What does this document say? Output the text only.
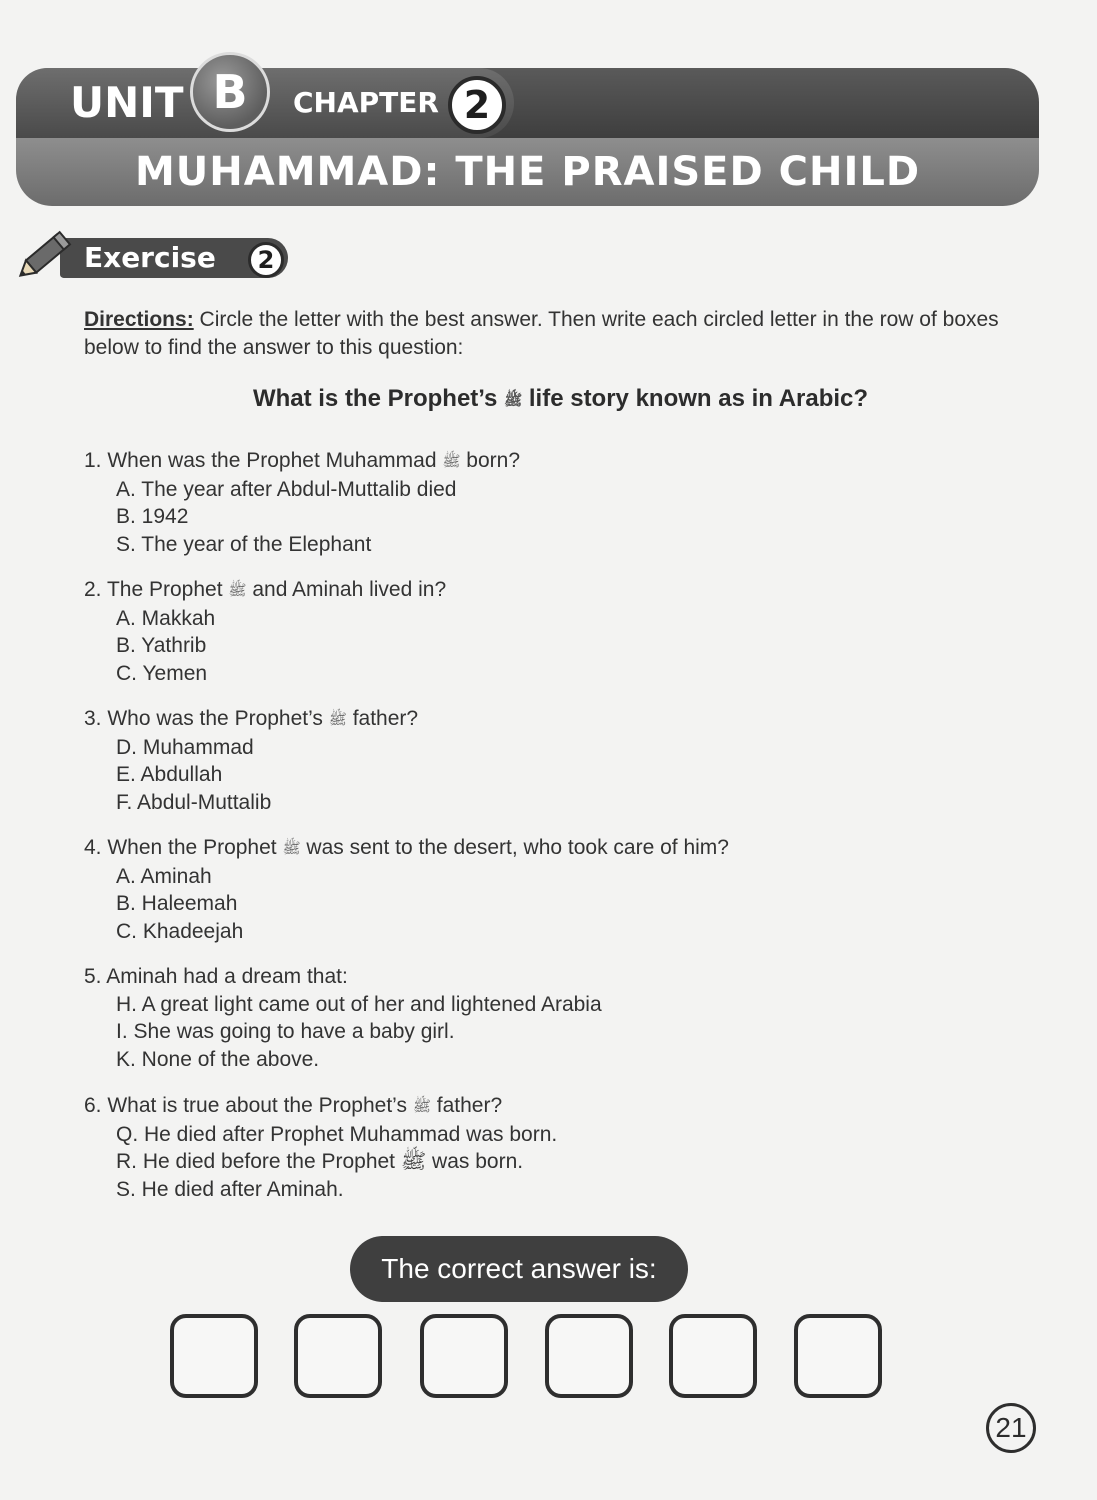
MUHAMMAD: THE PRAISED CHILD
UNIT B	CHAPTER 2
Exercise	2
Directions: Circle the letter with the best answer. Then write each circled letter in the row of boxes below to find the answer to this question:
What is the Prophet’s ﷺ life story known as in Arabic?
1. When was the Prophet Muhammad ﷺ born?
A. The year after Abdul-Muttalib died
B. 1942
S. The year of the Elephant
2. The Prophet ﷺ and Aminah lived in?
A. Makkah
B. Yathrib
C. Yemen
3. Who was the Prophet’s ﷺ father?
D. Muhammad
E. Abdullah
F. Abdul-Muttalib
4. When the Prophet ﷺ was sent to the desert, who took care of him?
A. Aminah
B. Haleemah
C. Khadeejah
5. Aminah had a dream that:
H. A great light came out of her and lightened Arabia
I. She was going to have a baby girl.
K. None of the above.
6. What is true about the Prophet’s ﷺ father?
Q. He died after Prophet Muhammad was born.
R. He died before the Prophet ﷺ was born.
S. He died after Aminah.
The correct answer is:
21
